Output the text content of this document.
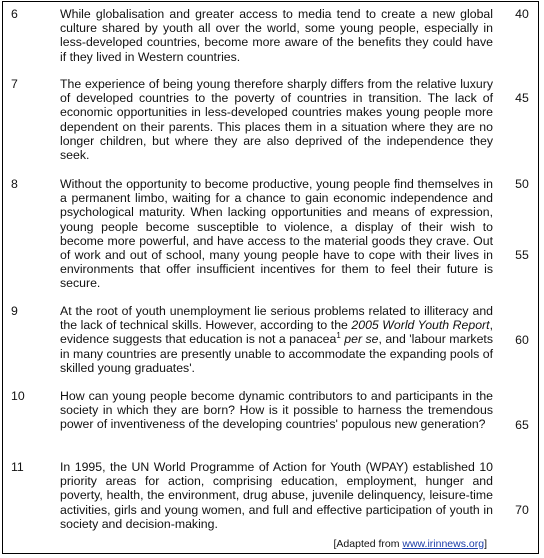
6	While globalisation and greater access to media tend to create a new global culture shared by youth all over the world, some young people, especially in less-developed countries, become more aware of the benefits they could have if they lived in Western countries.
40
7	The experience of being young therefore sharply differs from the relative luxury of developed countries to the poverty of countries in transition. The lack of economic opportunities in less-developed countries makes young people more dependent on their parents. This places them in a situation where they are no longer children, but where they are also deprived of the independence they seek.
45
8	Without the opportunity to become productive, young people find themselves in a permanent limbo, waiting for a chance to gain economic independence and psychological maturity. When lacking opportunities and means of expression, young people become susceptible to violence, a display of their wish to become more powerful, and have access to the material goods they crave. Out of work and out of school, many young people have to cope with their lives in environments that offer insufficient incentives for them to feel their future is secure.
50
55
9	At the root of youth unemployment lie serious problems related to illiteracy and the lack of technical skills. However, according to the 2005 World Youth Report, evidence suggests that education is not a panacea$^1$ per se, and 'labour markets in many countries are presently unable to accommodate the expanding pools of skilled young graduates'.
60
10	How can young people become dynamic contributors to and participants in the society in which they are born? How is it possible to harness the tremendous power of inventiveness of the developing countries' populous new generation?	65
11	In 1995, the UN World Programme of Action for Youth (WPAY) established 10 priority areas for action, comprising education, employment, hunger and poverty, health, the environment, drug abuse, juvenile delinquency, leisure-time activities, girls and young women, and full and effective participation of youth in society and decision-making.
70
[Adapted from www.irinnews.org]
